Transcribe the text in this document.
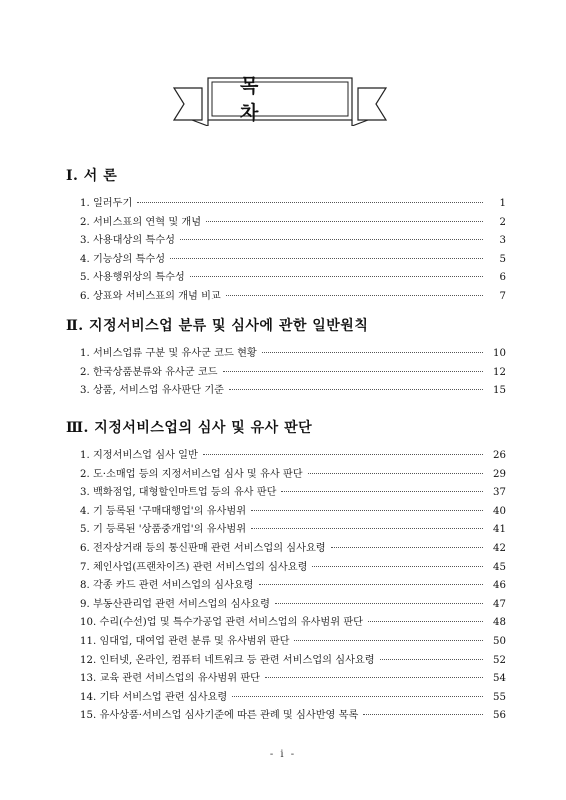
목 차
Ⅰ. 서 론
1. 일러두기	1
2. 서비스표의 연혁 및 개념	2
3. 사용대상의 특수성	3
4. 기능상의 특수성	5
5. 사용행위상의 특수성	6
6. 상표와 서비스표의 개념 비교	7
Ⅱ. 지정서비스업 분류 및 심사에 관한 일반원칙
1. 서비스업류 구분 및 유사군 코드 현황	10
2. 한국상품분류와 유사군 코드	12
3. 상품, 서비스업 유사판단 기준	15
Ⅲ. 지정서비스업의 심사 및 유사 판단
1. 지정서비스업 심사 일반	26
2. 도·소매업 등의 지정서비스업 심사 및 유사 판단	29
3. 백화점업, 대형할인마트업 등의 유사 판단	37
4. 기 등록된 '구매대행업'의 유사범위	40
5. 기 등록된 '상품중개업'의 유사범위	41
6. 전자상거래 등의 통신판매 관련 서비스업의 심사요령	42
7. 체인사업(프랜차이즈) 관련 서비스업의 심사요령	45
8. 각종 카드 관련 서비스업의 심사요령	46
9. 부동산관리업 관련 서비스업의 심사요령	47
10. 수리(수선)업 및 특수가공업 관련 서비스업의 유사범위 판단	48
11. 임대업, 대여업 관련 분류 및 유사범위 판단	50
12. 인터넷, 온라인, 컴퓨터 네트워크 등 관련 서비스업의 심사요령	52
13. 교육 관련 서비스업의 유사범위 판단	54
14. 기타 서비스업 관련 심사요령	55
15. 유사상품·서비스업 심사기준에 따른 관례 및 심사반영 목록	56
- i -
